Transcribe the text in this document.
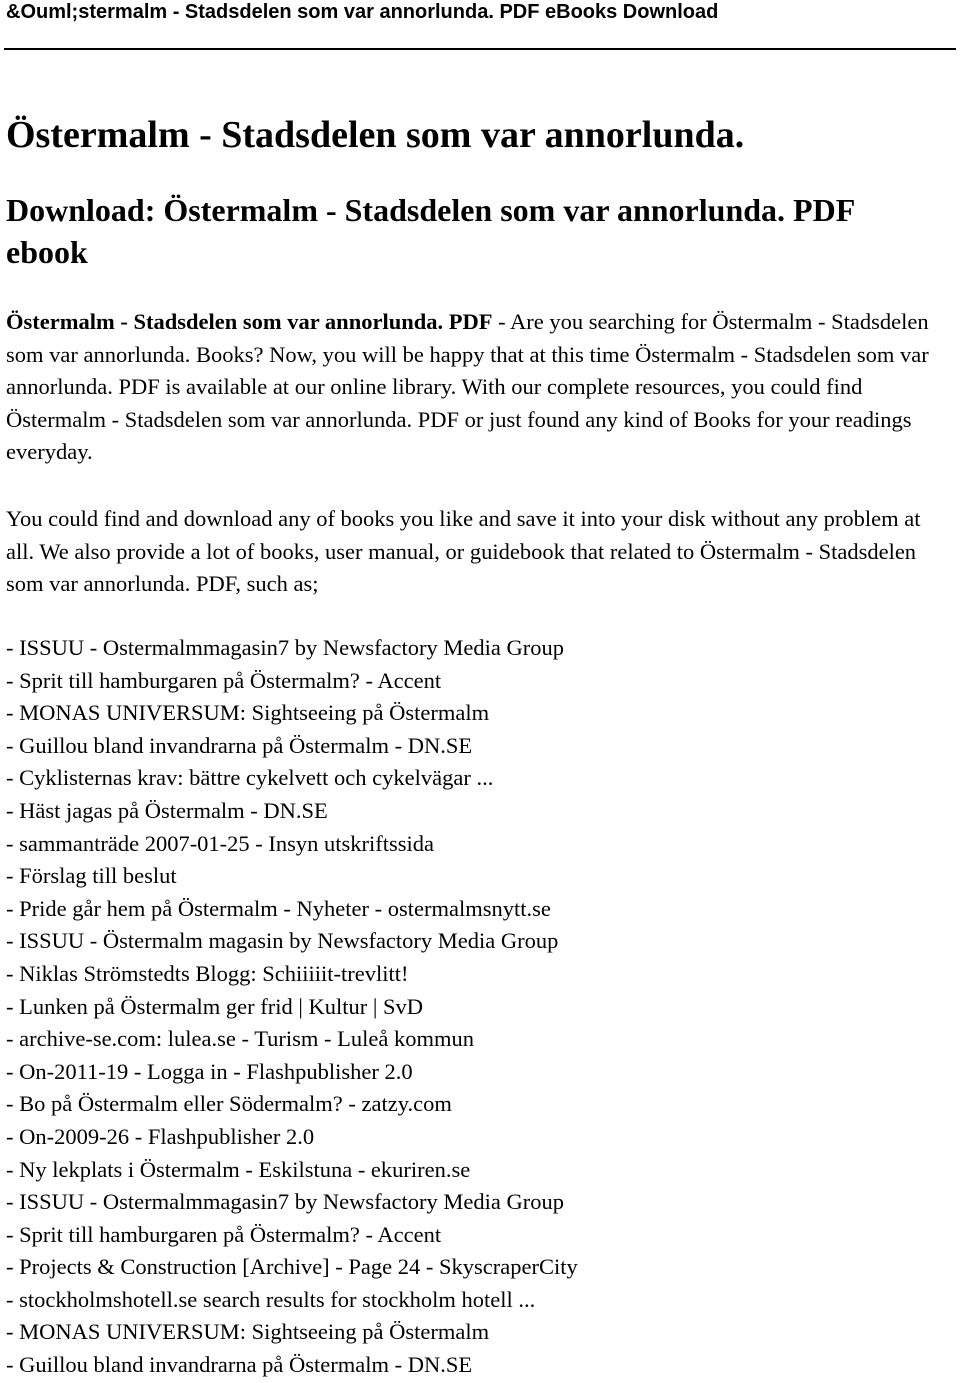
&Ouml;stermalm - Stadsdelen som var annorlunda. PDF eBooks Download
Östermalm - Stadsdelen som var annorlunda.
Download: Östermalm - Stadsdelen som var annorlunda. PDF ebook

Östermalm - Stadsdelen som var annorlunda. PDF - Are you searching for Östermalm - Stadsdelen som var annorlunda. Books? Now, you will be happy that at this time Östermalm - Stadsdelen som var annorlunda. PDF is available at our online library. With our complete resources, you could find Östermalm - Stadsdelen som var annorlunda. PDF or just found any kind of Books for your readings everyday.

You could find and download any of books you like and save it into your disk without any problem at all. We also provide a lot of books, user manual, or guidebook that related to Östermalm - Stadsdelen som var annorlunda. PDF, such as;

- ISSUU - Ostermalmmagasin7 by Newsfactory Media Group
- Sprit till hamburgaren på Östermalm? - Accent
- MONAS UNIVERSUM: Sightseeing på Östermalm
- Guillou bland invandrarna på Östermalm - DN.SE
- Cyklisternas krav: bättre cykelvett och cykelvägar ...
- Häst jagas på Östermalm - DN.SE
- sammanträde 2007-01-25 - Insyn utskriftssida
- Förslag till beslut
- Pride går hem på Östermalm - Nyheter - ostermalmsnytt.se
- ISSUU - Östermalm magasin by Newsfactory Media Group
- Niklas Strömstedts Blogg: Schiiiiit-trevlitt!
- Lunken på Östermalm ger frid | Kultur | SvD
- archive-se.com: lulea.se - Turism - Luleå kommun
- On-2011-19 - Logga in - Flashpublisher 2.0
- Bo på Östermalm eller Södermalm? - zatzy.com
- On-2009-26 - Flashpublisher 2.0
- Ny lekplats i Östermalm - Eskilstuna - ekuriren.se
- ISSUU - Ostermalmmagasin7 by Newsfactory Media Group
- Sprit till hamburgaren på Östermalm? - Accent
- Projects & Construction [Archive] - Page 24 - SkyscraperCity
- stockholmshotell.se search results for stockholm hotell ...
- MONAS UNIVERSUM: Sightseeing på Östermalm
- Guillou bland invandrarna på Östermalm - DN.SE
